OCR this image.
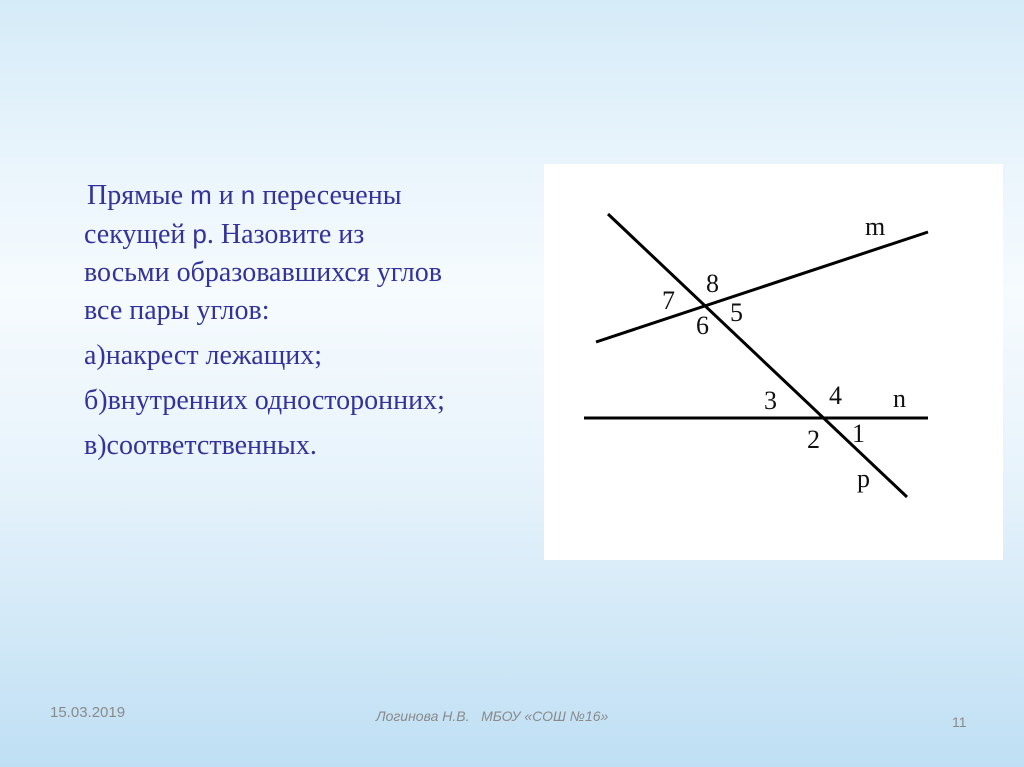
Прямые m и n пересечены
секущей р. Назовите из
восьми образовавшихся углов
все пары углов:

а)накрест лежащих;
б)внутренних односторонних;
в)соответственных.
m
n
p
1
2
3 4
5
6
7
8
15.03.2019	Логинова Н.В.   МБОУ «СОШ №16»	11
